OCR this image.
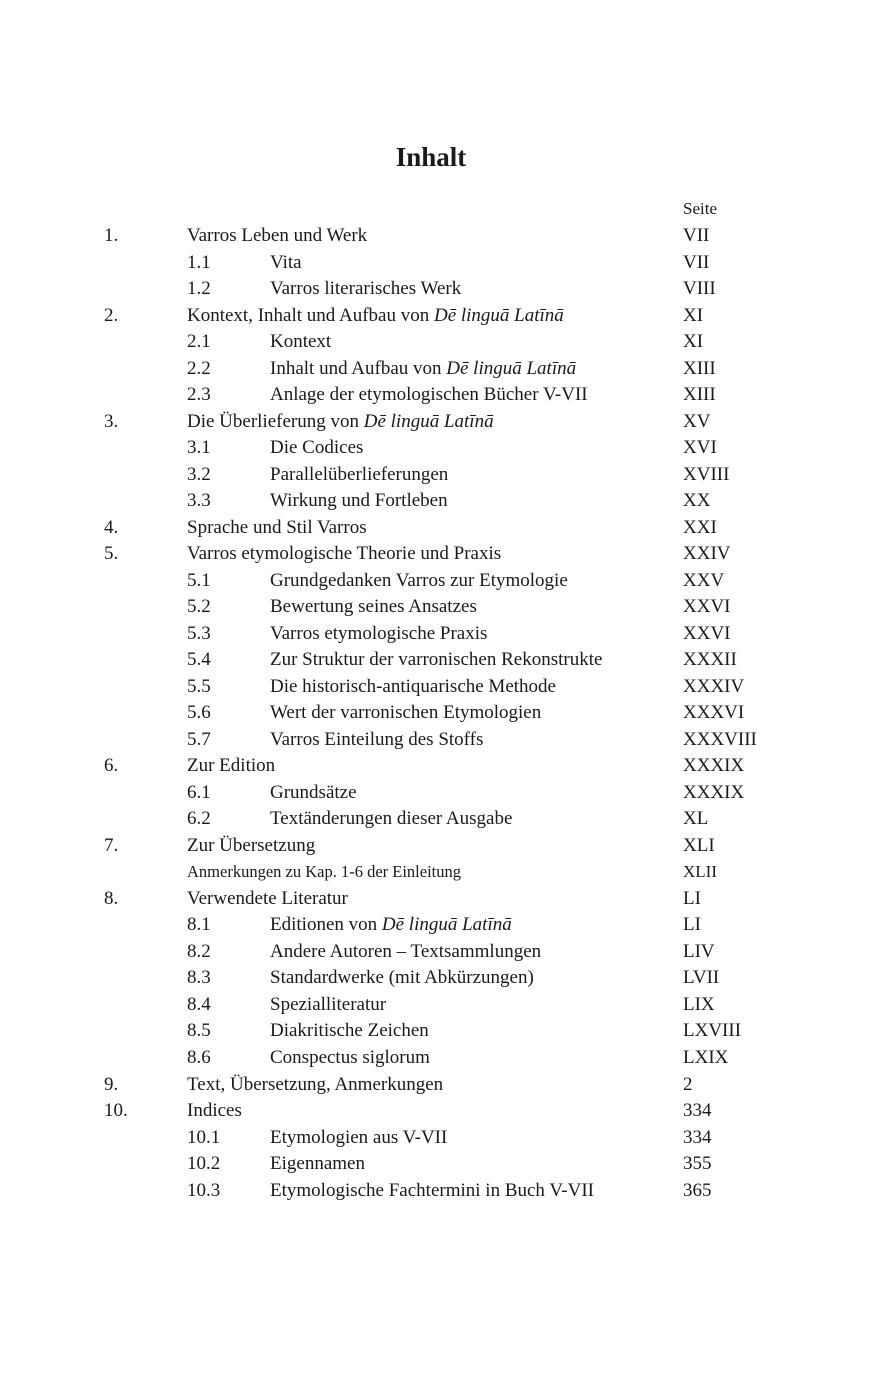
Inhalt
Seite
1.	Varros Leben und Werk	VII
1.1	Vita	VII
1.2	Varros literarisches Werk	VIII
2.	Kontext, Inhalt und Aufbau von Dē linguā Latīnā	XI
2.1	Kontext	XI
2.2	Inhalt und Aufbau von Dē linguā Latīnā	XIII
2.3	Anlage der etymologischen Bücher V-VII	XIII
3.	Die Überlieferung von Dē linguā Latīnā	XV
3.1	Die Codices	XVI
3.2	Parallelüberlieferungen	XVIII
3.3	Wirkung und Fortleben	XX
4.	Sprache und Stil Varros	XXI
5.	Varros etymologische Theorie und Praxis	XXIV
5.1	Grundgedanken Varros zur Etymologie	XXV
5.2	Bewertung seines Ansatzes	XXVI
5.3	Varros etymologische Praxis	XXVI
5.4	Zur Struktur der varronischen Rekonstrukte	XXXII
5.5	Die historisch-antiquarische Methode	XXXIV
5.6	Wert der varronischen Etymologien	XXXVI
5.7	Varros Einteilung des Stoffs	XXXVIII
6.	Zur Edition	XXXIX
6.1	Grundsätze	XXXIX
6.2	Textänderungen dieser Ausgabe	XL
7.	Zur Übersetzung	XLI
Anmerkungen zu Kap. 1-6 der Einleitung	XLII
8.	Verwendete Literatur	LI
8.1	Editionen von Dē linguā Latīnā	LI
8.2	Andere Autoren – Textsammlungen	LIV
8.3	Standardwerke (mit Abkürzungen)	LVII
8.4	Spezialliteratur	LIX
8.5	Diakritische Zeichen	LXVIII
8.6	Conspectus siglorum	LXIX
9.	Text, Übersetzung, Anmerkungen	2
10.	Indices	334
10.1	Etymologien aus V-VII	334
10.2	Eigennamen	355
10.3	Etymologische Fachtermini in Buch V-VII	365
